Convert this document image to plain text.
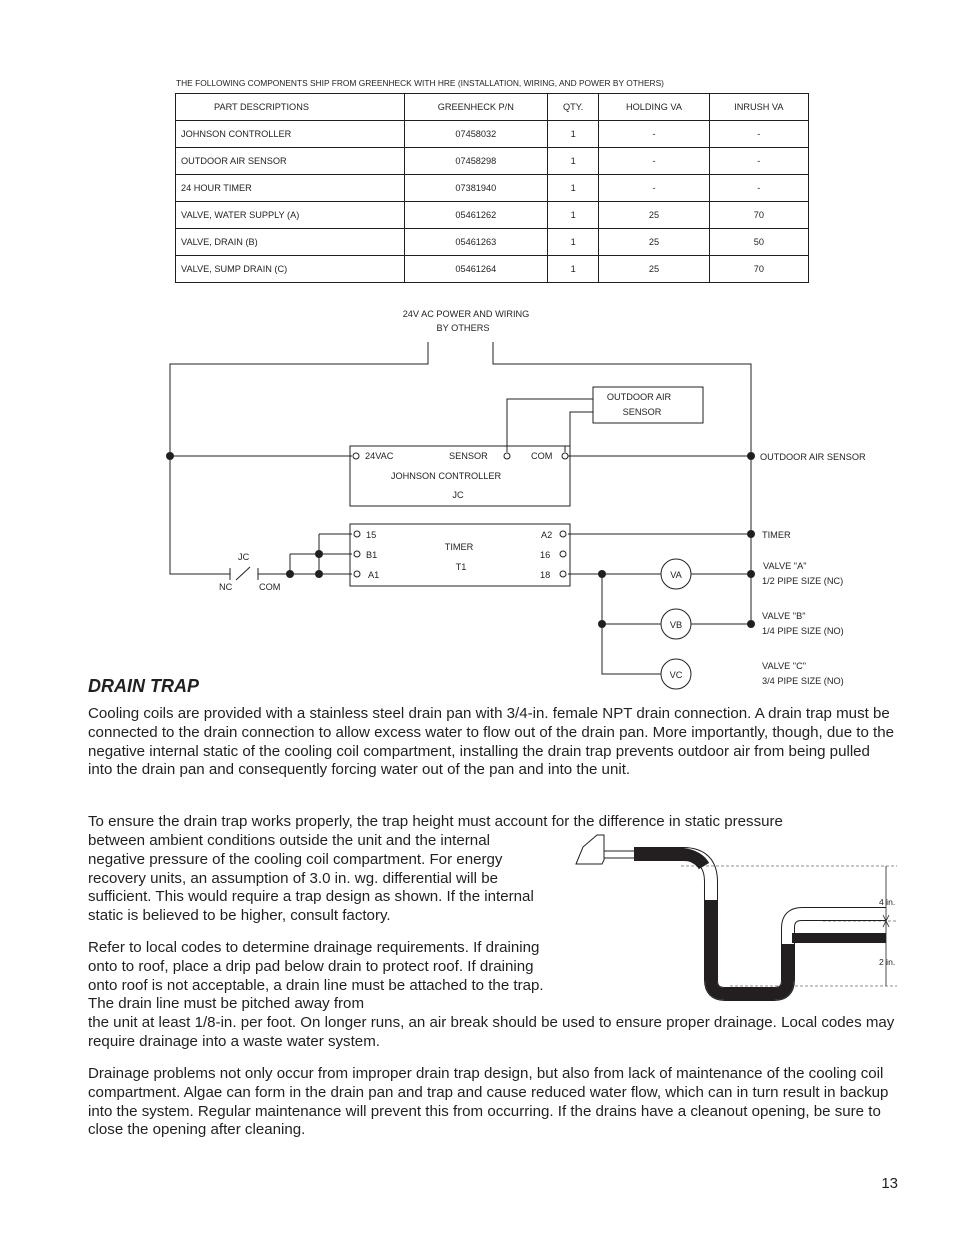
THE FOLLOWING COMPONENTS SHIP FROM GREENHECK WITH HRE (INSTALLATION, WIRING, AND POWER BY OTHERS)
PART DESCRIPTIONS	GREENHECK P/N	QTY.	HOLDING VA	INRUSH VA
JOHNSON CONTROLLER	07458032	1	-	-
OUTDOOR AIR SENSOR	07458298	1	-	-
24 HOUR TIMER	07381940	1	-	-
VALVE, WATER SUPPLY (A)	05461262	1	25	70
VALVE, DRAIN (B)	05461263	1	25	50
VALVE, SUMP DRAIN (C)	05461264	1	25	70
24V AC POWER AND WIRING
BY OTHERS
OUTDOOR AIR
SENSOR
24VAC	SENSOR	COM
JOHNSON CONTROLLER
JC
15
B1
A1
A2
16
18
TIMER
T1
JC
NC	COM
VA
VB
VC
OUTDOOR AIR SENSOR
TIMER
VALVE "A"
1/2 PIPE SIZE (NC)
VALVE "B"
1/4 PIPE SIZE (NO)
VALVE "C"
3/4 PIPE SIZE (NO)
4 in.
2 in.
DRAIN TRAP

Cooling coils are provided with a stainless steel drain pan with 3/4-in. female NPT drain connection. A drain trap must be connected to the drain connection to allow excess water to flow out of the drain pan. More importantly, though, due to the negative internal static of the cooling coil compartment, installing the drain trap prevents outdoor air from being pulled into the drain pan and consequently forcing water out of the pan and into the unit.

To ensure the drain trap works properly, the trap height must account for the difference in static pressure

between ambient conditions outside the unit and the internal negative pressure of the cooling coil compartment. For energy recovery units, an assumption of 3.0 in. wg. differential will be sufficient. This would require a trap design as shown. If the internal static is believed to be higher, consult factory.

Refer to local codes to determine drainage requirements. If draining onto to roof, place a drip pad below drain to protect roof. If draining onto roof is not acceptable, a drain line must be attached to the trap. The drain line must be pitched away from

the unit at least 1/8-in. per foot. On longer runs, an air break should be used to ensure proper drainage. Local codes may require drainage into a waste water system.

Drainage problems not only occur from improper drain trap design, but also from lack of maintenance of the cooling coil compartment. Algae can form in the drain pan and trap and cause reduced water flow, which can in turn result in backup into the system. Regular maintenance will prevent this from occurring. If the drains have a cleanout opening, be sure to close the opening after cleaning.

13
